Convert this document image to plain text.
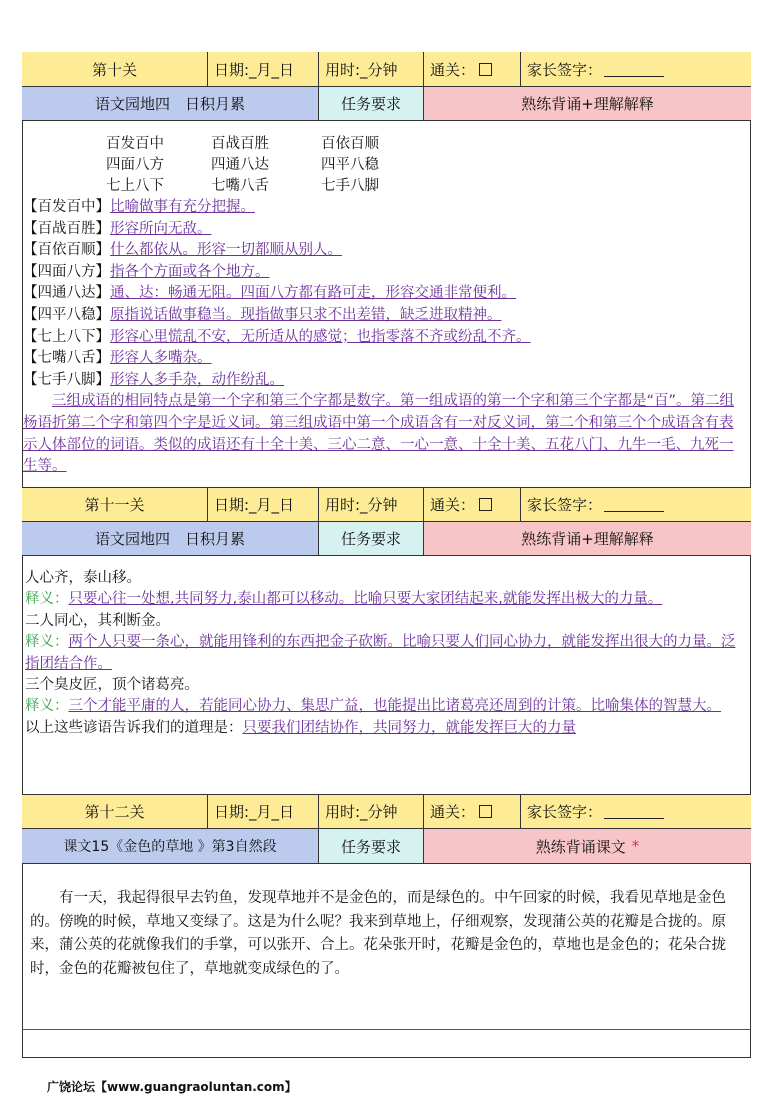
第十关	日期:_月_日	用时:_分钟	通关：	家长签字：
语文园地四　日积月累	任务要求	熟练背诵+理解解释
百发百中	百战百胜	百依百顺
四面八方	四通八达	四平八稳
七上八下	七嘴八舌	七手八脚
【百发百中】比喻做事有充分把握。
【百战百胜】形容所向无敌。
【百依百顺】什么都依从。形容一切都顺从别人。
【四面八方】指各个方面或各个地方。
【四通八达】通、达：畅通无阻。四面八方都有路可走，形容交通非常便利。
【四平八稳】原指说话做事稳当。现指做事只求不出差错，缺乏进取精神。
【七上八下】形容心里慌乱不安，无所适从的感觉；也指零落不齐或纷乱不齐。
【七嘴八舌】形容人多嘴杂。
【七手八脚】形容人多手杂，动作纷乱。
三组成语的相同特点是第一个字和第三个字都是数字。第一组成语的第一个字和第三个字都是“百”。第二组杨语折第二个字和第四个字是近义词。第三组成语中第一个成语含有一对反义词，第二个和第三个个成语含有表示人体部位的词语。类似的成语还有十全十美、三心二意、一心一意、十全十美、五花八门、九牛一毛、九死一生等。
第十一关	日期:_月_日	用时:_分钟	通关：	家长签字：
语文园地四　日积月累	任务要求	熟练背诵+理解解释
人心齐，泰山移。
释义：只要心往一处想,共同努力,泰山都可以移动。比喻只要大家团结起来,就能发挥出极大的力量。
二人同心，其利断金。
释义：两个人只要一条心，就能用锋利的东西把金子砍断。比喻只要人们同心协力，就能发挥出很大的力量。泛指团结合作。
三个臭皮匠，顶个诸葛亮。
释义：三个才能平庸的人，若能同心协力、集思广益，也能提出比诸葛亮还周到的计策。比喻集体的智慧大。
以上这些谚语告诉我们的道理是：只要我们团结协作，共同努力，就能发挥巨大的力量
第十二关	日期:_月_日	用时:_分钟	通关：	家长签字：
课文15《金色的草地 》第3自然段	任务要求	熟练背诵课文 *
有一天，我起得很早去钓鱼，发现草地并不是金色的，而是绿色的。中午回家的时候，我看见草地是金色的。傍晚的时候，草地又变绿了。这是为什么呢？我来到草地上，仔细观察，发现蒲公英的花瓣是合拢的。原来，蒲公英的花就像我们的手掌，可以张开、合上。花朵张开时，花瓣是金色的，草地也是金色的；花朵合拢时，金色的花瓣被包住了，草地就变成绿色的了。
广饶论坛【www.guangraoluntan.com】
